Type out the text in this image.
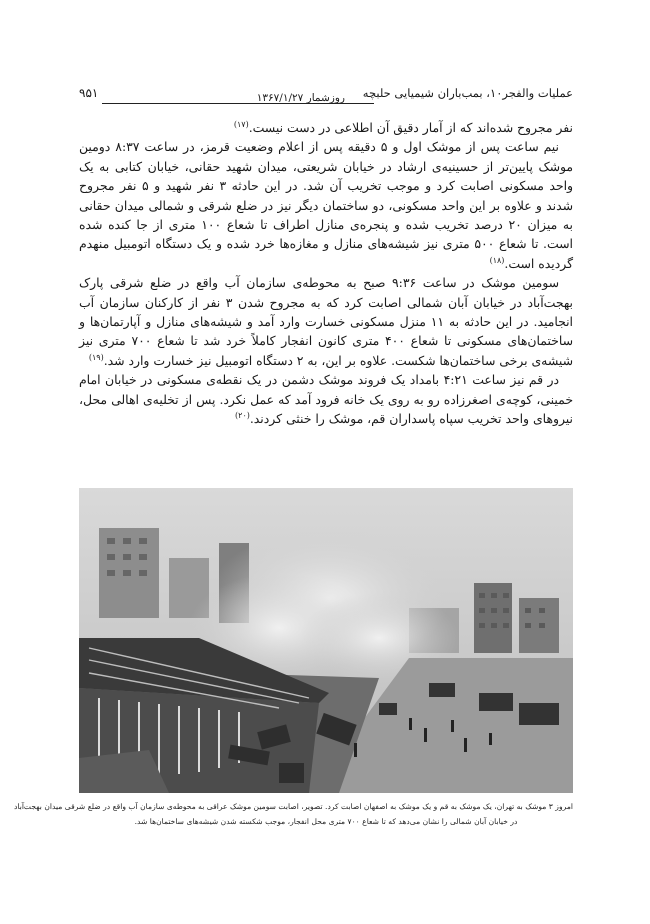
عملیات والفجر۱۰، بمب‌باران شیمیایی حلبچه
روزشمار ۱۳۶۷/۱/۲۷
۹۵۱

نفر مجروح شده‌اند که از آمار دقیق آن اطلاعی در دست نیست.$^{(۱۷)}$

نیم ساعت پس از موشک اول و ۵ دقیقه پس از اعلام وضعیت قرمز، در ساعت ۸:۳۷ دومین موشک پایین‌تر از حسینیه‌ی ارشاد در خیابان شریعتی، میدان شهید حقانی، خیابان کتابی به یک واحد مسکونی اصابت کرد و موجب تخریب آن شد. در این حادثه ۳ نفر شهید و ۵ نفر مجروح شدند و علاوه بر این واحد مسکونی، دو ساختمان دیگر نیز در ضلع شرقی و شمالی میدان حقانی به میزان ۲۰ درصد تخریب شده و پنجره‌ی منازل اطراف تا شعاع ۱۰۰ متری از جا کنده شده است. تا شعاع ۵۰۰ متری نیز شیشه‌های منازل و مغازه‌ها خرد شده و یک دستگاه اتومبیل منهدم گردیده است.$^{(۱۸)}$

سومین موشک در ساعت ۹:۳۶ صبح به محوطه‌ی سازمان آب واقع در ضلع شرقی پارک بهجت‌آباد در خیابان آبان شمالی اصابت کرد که به مجروح شدن ۳ نفر از کارکنان سازمان آب انجامید. در این حادثه به ۱۱ منزل مسکونی خسارت وارد آمد و شیشه‌های منازل و آپارتمان‌ها و ساختمان‌های مسکونی تا شعاع ۴۰۰ متری کانون انفجار کاملاً خرد شد تا شعاع ۷۰۰ متری نیز شیشه‌ی برخی ساختمان‌ها شکست. علاوه بر این، به ۲ دستگاه اتومبیل نیز خسارت وارد شد.$^{(۱۹)}$

در قم نیز ساعت ۴:۲۱ بامداد یک فروند موشک دشمن در یک نقطه‌ی مسکونی در خیابان امام خمینی، کوچه‌ی اصغرزاده رو به روی یک خانه فرود آمد که عمل نکرد. پس از تخلیه‌ی اهالی محل، نیروهای واحد تخریب سپاه پاسداران قم، موشک را خنثی کردند.$^{(۲۰)}$

امروز ۳ موشک به تهران، یک موشک به قم و یک موشک به اصفهان اصابت کرد. تصویر، اصابت سومین موشک عراقی به محوطه‌ی سازمان آب واقع در ضلع شرقی میدان بهجت‌آباد
در خیابان آبان شمالی را نشان می‌دهد که تا شعاع ۷۰۰ متری محل انفجار، موجب شکسته شدن شیشه‌های ساختمان‌ها شد.
